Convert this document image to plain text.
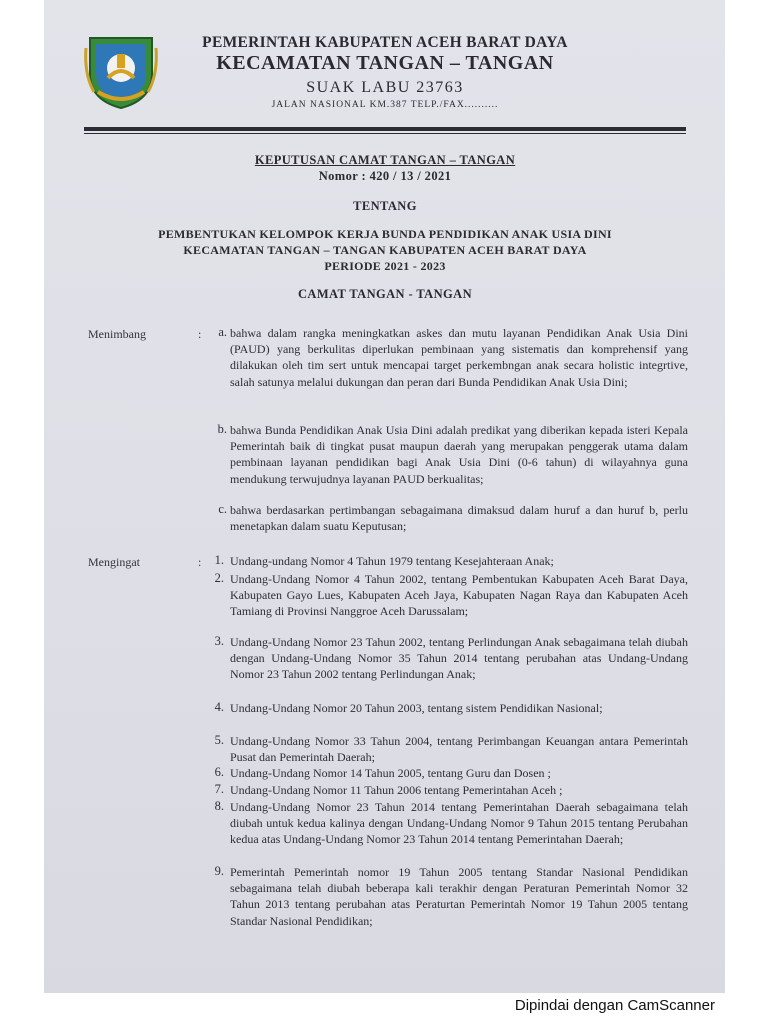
PEMERINTAH KABUPATEN ACEH BARAT DAYA
KECAMATAN TANGAN – TANGAN
SUAK LABU 23763
JALAN NASIONAL KM.387 TELP./FAX..........
KEPUTUSAN CAMAT TANGAN – TANGAN
Nomor : 420 / 13 / 2021
TENTANG
PEMBENTUKAN KELOMPOK KERJA BUNDA PENDIDIKAN ANAK USIA DINI
KECAMATAN TANGAN – TANGAN KABUPATEN ACEH BARAT DAYA
PERIODE 2021 - 2023
CAMAT TANGAN - TANGAN
Menimbang	:	a. bahwa dalam rangka meningkatkan askes dan mutu layanan Pendidikan Anak Usia Dini (PAUD) yang berkulitas diperlukan pembinaan yang sistematis dan komprehensif yang dilakukan oleh tim sert untuk mencapai target perkembngan anak secara holistic integrtive, salah satunya melalui dukungan dan peran dari Bunda Pendidikan Anak Usia Dini;

b. bahwa Bunda Pendidikan Anak Usia Dini adalah predikat yang diberikan kepada isteri Kepala Pemerintah baik di tingkat pusat maupun daerah yang merupakan penggerak utama dalam pembinaan layanan pendidikan bagi Anak Usia Dini (0-6 tahun) di wilayahnya guna mendukung terwujudnya layanan PAUD berkualitas;

c. bahwa berdasarkan pertimbangan sebagaimana dimaksud dalam huruf a dan huruf b, perlu menetapkan dalam suatu Keputusan;

Mengingat	:	1. Undang-undang Nomor 4 Tahun 1979 tentang Kesejahteraan Anak;

2. Undang-Undang Nomor 4 Tahun 2002, tentang Pembentukan Kabupaten Aceh Barat Daya, Kabupaten Gayo Lues, Kabupaten Aceh Jaya, Kabupaten Nagan Raya dan Kabupaten Aceh Tamiang di Provinsi Nanggroe Aceh Darussalam;

3. Undang-Undang Nomor 23 Tahun 2002, tentang Perlindungan Anak sebagaimana telah diubah dengan Undang-Undang Nomor 35 Tahun 2014 tentang perubahan atas Undang-Undang Nomor 23 Tahun 2002 tentang Perlindungan Anak;

4. Undang-Undang Nomor 20 Tahun 2003, tentang sistem Pendidikan Nasional;

5. Undang-Undang Nomor 33 Tahun 2004, tentang Perimbangan Keuangan antara Pemerintah Pusat dan Pemerintah Daerah;

6. Undang-Undang Nomor 14 Tahun 2005, tentang Guru dan Dosen ;

7. Undang-Undang Nomor 11 Tahun 2006 tentang Pemerintahan Aceh ;

8. Undang-Undang Nomor 23 Tahun 2014 tentang Pemerintahan Daerah sebagaimana telah diubah untuk kedua kalinya dengan Undang-Undang Nomor 9 Tahun 2015 tentang Perubahan kedua atas Undang-Undang Nomor 23 Tahun 2014 tentang Pemerintahan Daerah;

9. Pemerintah Pemerintah nomor 19 Tahun 2005 tentang Standar Nasional Pendidikan sebagaimana telah diubah beberapa kali terakhir dengan Peraturan Pemerintah Nomor 32 Tahun 2013 tentang perubahan atas Peraturtan Pemerintah Nomor 19 Tahun 2005 tentang Standar Nasional Pendidikan;

Dipindai dengan CamScanner
